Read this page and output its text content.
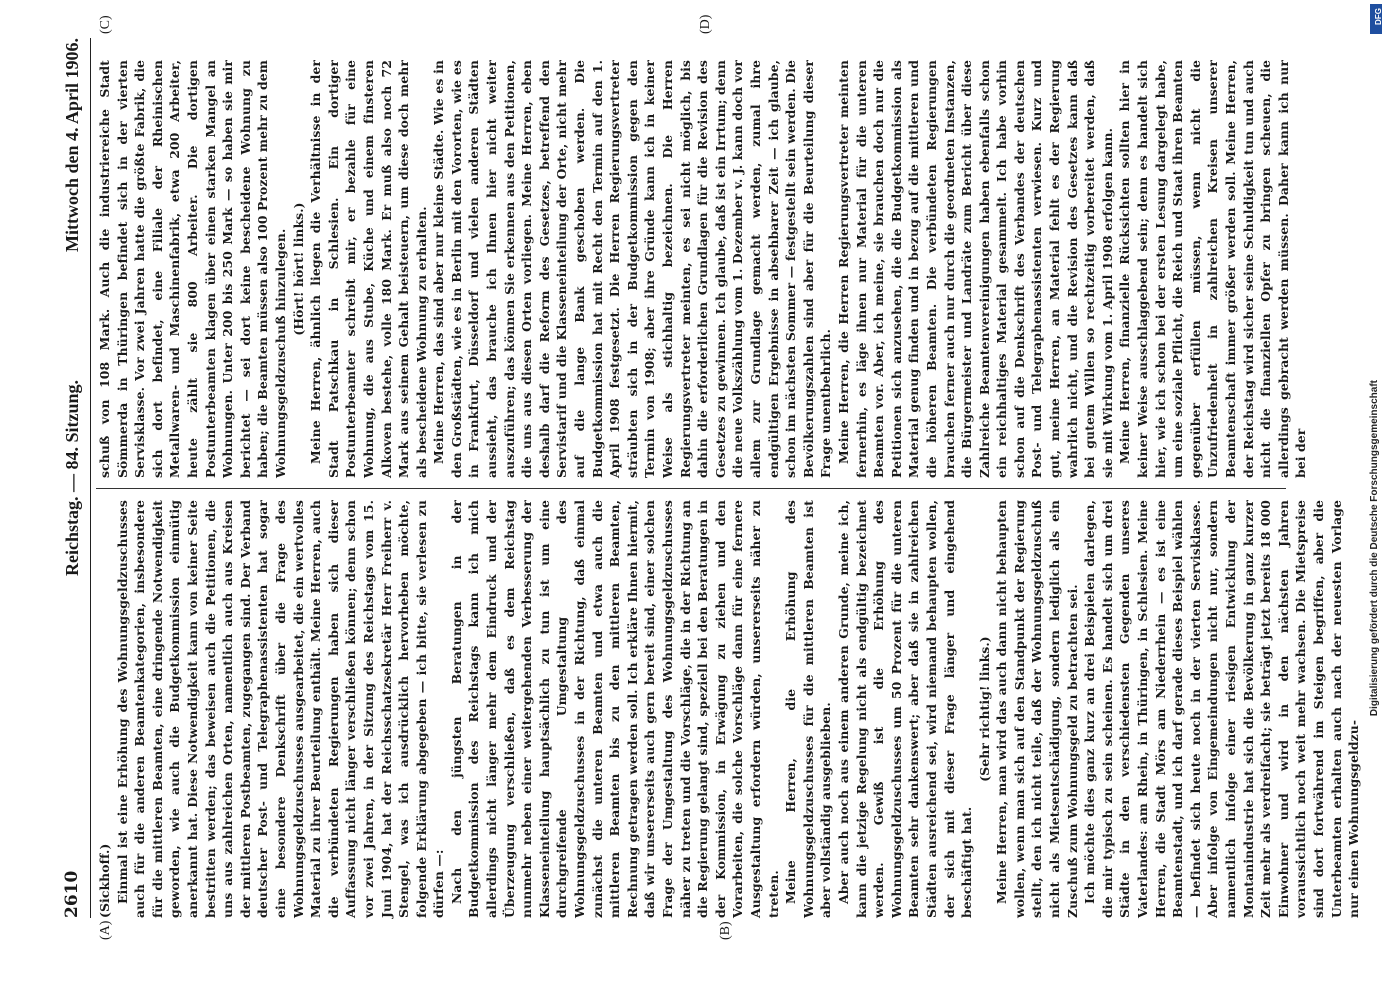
Reichstag. — 84. Sitzung.
2610
Mittwoch den 4. April 1906.

(Sickhoff.) Einmal ist eine Erhöhung des Wohnungsgeldzuschusses auch für die anderen Beamtenkategorien, insbesondere für die mittleren Beamten, eine dringende Notwendigkeit geworden, wie auch die Budgetkommission einmütig anerkannt hat. Diese Notwendigkeit kann von keiner Seite bestritten werden; das beweisen auch die Petitionen, die uns aus zahlreichen Orten, namentlich auch aus Kreisen der mittleren Postbeamten, zugegangen sind. Der Verband deutscher Post- und Telegraphenassistenten hat sogar eine besondere Denkschrift über die Frage des Wohnungsgeldzuschusses ausgearbeitet, die ein wertvolles Material zu ihrer Beurteilung enthält. Meine Herren, auch die verbündeten Regierungen haben sich dieser Auffassung nicht länger verschließen können; denn schon vor zwei Jahren, in der Sitzung des Reichstags vom 15. Juni 1904, hat der Reichsschatzsekretär Herr Freiherr v. Stengel, was ich ausdrücklich hervorheben möchte, folgende Erklärung abgegeben — ich bitte, sie verlesen zu dürfen —: Nach den jüngsten Beratungen in der Budgetkommission des Reichstags kann ich mich allerdings nicht länger mehr dem Eindruck und der Überzeugung verschließen, daß es dem Reichstag nunmehr neben einer weitergehenden Verbesserung der Klasseneinteilung hauptsächlich zu tun ist um eine durchgreifende Umgestaltung des Wohnungsgeldzuschusses in der Richtung, daß einmal zunächst die unteren Beamten und etwa auch die mittleren Beamten bis zu den mittleren Beamten, Rechnung getragen werden soll. Ich erkläre Ihnen hiermit, daß wir unsererseits auch gern bereit sind, einer solchen Frage der Umgestaltung des Wohnungsgeldzuschusses näher zu treten und die Vorschläge, die in der Richtung an die Regierung gelangt sind, speziell bei den Beratungen in der Kommission, in Erwägung zu ziehen und den Vorarbeiten, die solche Vorschläge dann für eine fernere Ausgestaltung erfordern würden, unsererseits näher zu treten. Meine Herren, die Erhöhung des Wohnungsgeldzuschusses für die mittleren Beamten ist aber vollständig ausgeblieben. Aber auch noch aus einem anderen Grunde, meine ich, kann die jetzige Regelung nicht als endgültig bezeichnet werden. Gewiß ist die Erhöhung des Wohnungsgeldzuschusses um 50 Prozent für die unteren Beamten sehr dankenswert; aber daß sie in zahlreichen Städten ausreichend sei, wird niemand behaupten wollen, der sich mit dieser Frage länger und eingehend beschäftigt hat.

(Sehr richtig! links.) Meine Herren, man wird das auch dann nicht behaupten wollen, wenn man sich auf den Standpunkt der Regierung stellt, den ich nicht teile, daß der Wohnungsgeldzuschuß nicht als Mietsentschädigung, sondern lediglich als ein Zuschuß zum Wohnungsgeld zu betrachten sei. Ich möchte dies ganz kurz an drei Beispielen darlegen, die mir typisch zu sein scheinen. Es handelt sich um drei Städte in den verschiedensten Gegenden unseres Vaterlandes: am Rhein, in Thüringen, in Schlesien. Meine Herren, die Stadt Mörs am Niederrhein — es ist eine Beamtenstadt, und ich darf gerade dieses Beispiel wählen — befindet sich heute noch in der vierten Servisklasse. Aber infolge von Eingemeindungen nicht nur, sondern namentlich infolge einer riesigen Entwicklung der Montanindustrie hat sich die Bevölkerung in ganz kurzer Zeit mehr als verdreifacht; sie beträgt jetzt bereits 18 000 Einwohner und wird in den nächsten Jahren voraussichtlich noch weit mehr wachsen. Die Mietspreise sind dort fortwährend im Steigen begriffen, aber die Unterbeamten erhalten auch nach der neuesten Vorlage nur einen Wohnungsgeldzu-

schuß von 108 Mark. Auch die industriereiche Stadt Sömmerda in Thüringen befindet sich in der vierten Servisklasse. Vor zwei Jahren hatte die größte Fabrik, die sich dort befindet, eine Filiale der Rheinischen Metallwaren- und Maschinenfabrik, etwa 200 Arbeiter, heute zählt sie 800 Arbeiter. Die dortigen Postunterbeamten klagen über einen starken Mangel an Wohnungen. Unter 200 bis 250 Mark — so haben sie mir berichtet — sei dort keine bescheidene Wohnung zu haben; die Beamten müssen also 100 Prozent mehr zu dem Wohnungsgeldzuschuß hinzulegen. (Hört! hört! links.) Meine Herren, ähnlich liegen die Verhältnisse in der Stadt Patschkau in Schlesien. Ein dortiger Postunterbeamter schreibt mir, er bezahle für eine Wohnung, die aus Stube, Küche und einem finsteren Alkoven bestehe, volle 180 Mark. Er muß also noch 72 Mark aus seinem Gehalt beisteuern, um diese doch mehr als bescheidene Wohnung zu erhalten. Meine Herren, das sind aber nur kleine Städte. Wie es in den Großstädten, wie es in Berlin mit den Vororten, wie es in Frankfurt, Düsseldorf und vielen anderen Städten aussieht, das brauche ich Ihnen hier nicht weiter auszuführen; das können Sie erkennen aus den Petitionen, die uns aus diesen Orten vorliegen. Meine Herren, eben deshalb darf die Reform des Gesetzes, betreffend den Servistarif und die Klasseneinteilung der Orte, nicht mehr auf die lange Bank geschoben werden. Die Budgetkommission hat mit Recht den Termin auf den 1. April 1908 festgesetzt. Die Herren Regierungsvertreter sträubten sich in der Budgetkommission gegen den Termin von 1908; aber ihre Gründe kann ich in keiner Weise als stichhaltig bezeichnen. Die Herren Regierungsvertreter meinten, es sei nicht möglich, bis dahin die erforderlichen Grundlagen für die Revision des Gesetzes zu gewinnen. Ich glaube, daß ist ein Irrtum; denn die neue Volkszählung vom 1. Dezember v. J. kann doch vor allem zur Grundlage gemacht werden, zumal ihre endgültigen Ergebnisse in absehbarer Zeit — ich glaube, schon im nächsten Sommer — festgestellt sein werden. Die Bevölkerungszahlen sind aber für die Beurteilung dieser Frage unentbehrlich. Meine Herren, die Herren Regierungsvertreter meinten fernerhin, es läge ihnen nur Material für die unteren Beamten vor. Aber, ich meine, sie brauchen doch nur die Petitionen sich anzusehen, die die Budgetkommission als Material genug finden und in bezug auf die mittleren und die höheren Beamten. Die verbündeten Regierungen brauchen ferner auch nur durch die geordneten Instanzen, die Bürgermeister und Landräte zum Bericht über diese Zahlreiche Beamtenvereinigungen haben ebenfalls schon ein reichhaltiges Material gesammelt. Ich habe vorhin schon auf die Denkschrift des Verbandes der deutschen Post- und Telegraphenassistenten verwiesen. Kurz und gut, meine Herren, an Material fehlt es der Regierung wahrlich nicht, und die Revision des Gesetzes kann daß bei gutem Willen so rechtzeitig vorbereitet werden, daß sie mit Wirkung vom 1. April 1908 erfolgen kann. Meine Herren, finanzielle Rücksichten sollten hier in keiner Weise ausschlaggebend sein; denn es handelt sich hier, wie ich schon bei der ersten Lesung dargelegt habe, um eine soziale Pflicht, die Reich und Staat ihren Beamten gegenüber erfüllen müssen, wenn nicht die Unzufriedenheit in zahlreichen Kreisen unserer Beamtenschaft immer größer werden soll. Meine Herren, der Reichstag wird sicher seine Schuldigkeit tun und auch nicht die finanziellen Opfer zu bringen scheuen, die allerdings gebracht werden müssen. Daher kann ich nur bei der

(A)	(B)
(C)	(D)	DFG
Digitalisierung gefördert durch die Deutsche Forschungsgemeinschaft
